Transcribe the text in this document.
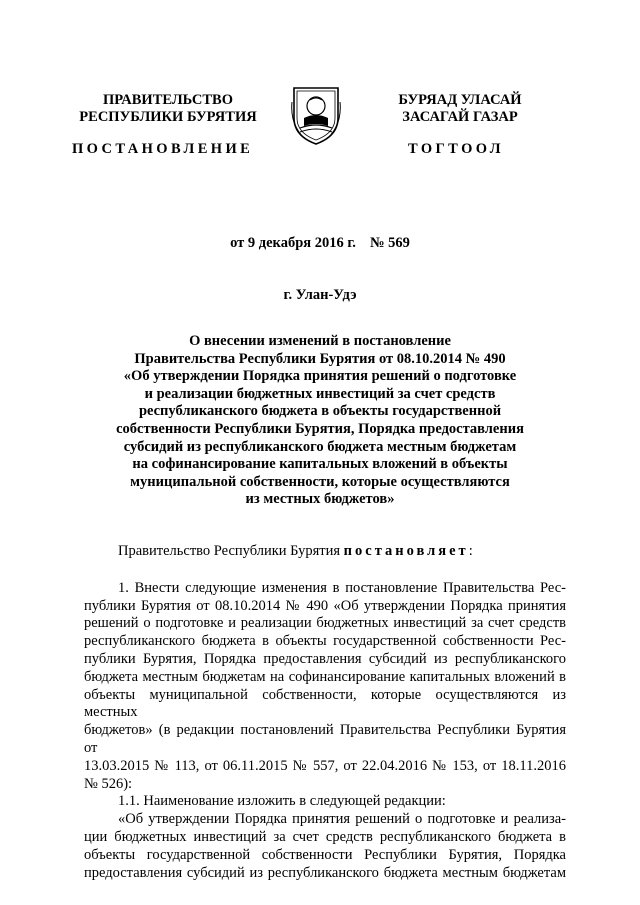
ПРАВИТЕЛЬСТВО
РЕСПУБЛИКИ БУРЯТИЯ
БУРЯАД УЛАСАЙ
ЗАСАГАЙ ГАЗАР
ПОСТАНОВЛЕНИЕ	ТОГТООЛ
от 9 декабря 2016 г. № 569
г. Улан-Удэ
О внесении изменений в постановление
Правительства Республики Бурятия от 08.10.2014 № 490
«Об утверждении Порядка принятия решений о подготовке
и реализации бюджетных инвестиций за счет средств
республиканского бюджета в объекты государственной
собственности Республики Бурятия, Порядка предоставления
субсидий из республиканского бюджета местным бюджетам
на софинансирование капитальных вложений в объекты
муниципальной собственности, которые осуществляются
из местных бюджетов»
Правительство Республики Бурятия постановляет:
1. Внести следующие изменения в постановление Правительства Рес-
публики Бурятия от 08.10.2014 № 490 «Об утверждении Порядка принятия
решений о подготовке и реализации бюджетных инвестиций за счет средств
республиканского бюджета в объекты государственной собственности Рес-
публики Бурятия, Порядка предоставления субсидий из республиканского
бюджета местным бюджетам на софинансирование капитальных вложений в
объекты муниципальной собственности, которые осуществляются из местных
бюджетов» (в редакции постановлений Правительства Республики Бурятия от
13.03.2015 № 113, от 06.11.2015 № 557, от 22.04.2016 № 153, от 18.11.2016
№ 526):
1.1. Наименование изложить в следующей редакции:
«Об утверждении Порядка принятия решений о подготовке и реализа-
ции бюджетных инвестиций за счет средств республиканского бюджета в
объекты государственной собственности Республики Бурятия, Порядка
предоставления субсидий из республиканского бюджета местным бюджетам
